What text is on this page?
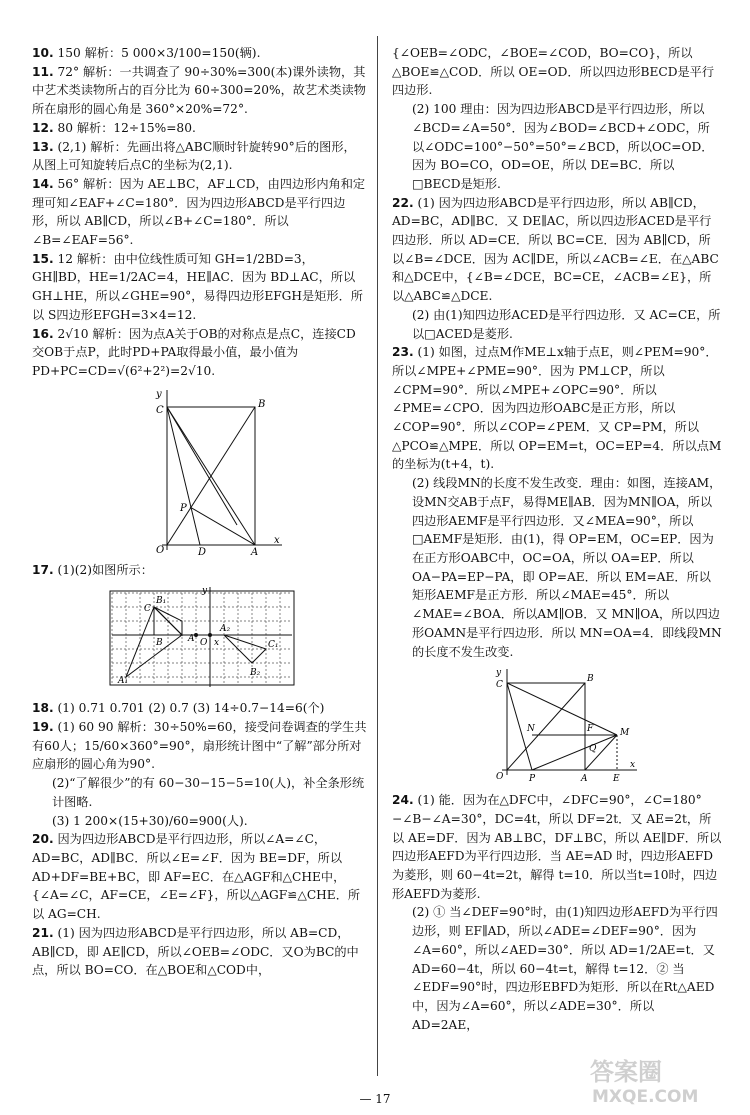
10. 150 解析：5 000×3/100=150(辆).

11. 72° 解析：一共调查了 90÷30%=300(本)课外读物，其中艺术类读物所占的百分比为 60÷300=20%，故艺术类读物所在扇形的圆心角是 360°×20%=72°.

12. 80 解析：12÷15%=80.

13. (2,1) 解析：先画出将△ABC顺时针旋转90°后的图形，从图上可知旋转后点C的坐标为(2,1).

14. 56° 解析：因为 AE⊥BC，AF⊥CD，由四边形内角和定理可知∠EAF+∠C=180°．因为四边形ABCD是平行四边形，所以 AB∥CD，所以∠B+∠C=180°．所以∠B=∠EAF=56°.

15. 12 解析：由中位线性质可知 GH=1/2BD=3，GH∥BD，HE=1/2AC=4，HE∥AC．因为 BD⊥AC，所以 GH⊥HE，所以∠GHE=90°，易得四边形EFGH是矩形．所以 S四边形EFGH=3×4=12.

16. 2√10 解析：因为点A关于OB的对称点是点C，连接CD交OB于点P，此时PD+PA取得最小值，最小值为 PD+PC=CD=√(6²+2²)=2√10.

y
C
B
P
O	D	A
x

17. (1)(2)如图所示：

B₁
C
A
B	O
A₁
A₂
C₁
B₂
x
y

18. (1) 0.71 0.701 (2) 0.7 (3) 14÷0.7−14=6(个)

19. (1) 60 90 解析：30÷50%=60，接受问卷调查的学生共有60人；15/60×360°=90°，扇形统计图中“了解”部分所对应扇形的圆心角为90°.

(2)“了解很少”的有 60−30−15−5=10(人)，补全条形统计图略.

(3) 1 200×(15+30)/60=900(人).

20. 因为四边形ABCD是平行四边形，所以∠A=∠C，AD=BC，AD∥BC．所以∠E=∠F．因为 BE=DF，所以 AD+DF=BE+BC，即 AF=EC．在△AGF和△CHE中，{∠A=∠C，AF=CE，∠E=∠F}，所以△AGF≌△CHE．所以 AG=CH.

21. (1) 因为四边形ABCD是平行四边形，所以 AB=CD，AB∥CD，即 AE∥CD，所以∠OEB=∠ODC．又O为BC的中点，所以 BO=CO．在△BOE和△COD中，

{∠OEB=∠ODC，∠BOE=∠COD，BO=CO}，所以△BOE≌△COD．所以 OE=OD．所以四边形BECD是平行四边形.

(2) 100 理由：因为四边形ABCD是平行四边形，所以∠BCD=∠A=50°．因为∠BOD=∠BCD+∠ODC，所以∠ODC=100°−50°=50°=∠BCD，所以OC=OD．因为 BO=CO，OD=OE，所以 DE=BC．所以□BECD是矩形.

22. (1) 因为四边形ABCD是平行四边形，所以 AB∥CD，AD=BC，AD∥BC．又 DE∥AC，所以四边形ACED是平行四边形．所以 AD=CE．所以 BC=CE．因为 AB∥CD，所以∠B=∠DCE．因为 AC∥DE，所以∠ACB=∠E．在△ABC和△DCE中，{∠B=∠DCE，BC=CE，∠ACB=∠E}，所以△ABC≌△DCE.

(2) 由(1)知四边形ACED是平行四边形．又 AC=CE，所以□ACED是菱形.

23. (1) 如图，过点M作ME⊥x轴于点E，则∠PEM=90°．所以∠MPE+∠PME=90°．因为 PM⊥CP，所以∠CPM=90°．所以∠MPE+∠OPC=90°．所以∠PME=∠CPO．因为四边形OABC是正方形，所以∠COP=90°．所以∠COP=∠PEM．又 CP=PM，所以△PCO≌△MPE．所以 OP=EM=t，OC=EP=4．所以点M的坐标为(t+4，t).

(2) 线段MN的长度不发生改变．理由：如图，连接AM，设MN交AB于点F，易得ME∥AB．因为MN∥OA，所以四边形AEMF是平行四边形．又∠MEA=90°，所以□AEMF是矩形．由(1)，得 OP=EM，OC=EP．因为在正方形OABC中，OC=OA，所以 OA=EP．所以 OA−PA=EP−PA，即 OP=AE．所以 EM=AE．所以矩形AEMF是正方形．所以∠MAE=45°．所以∠MAE=∠BOA．所以AM∥OB．又 MN∥OA，所以四边形OAMN是平行四边形．所以 MN=OA=4．即线段MN的长度不发生改变.

y
C
B
N	F
Q
M
O	P	A	E
x

24. (1) 能．因为在△DFC中，∠DFC=90°，∠C=180°−∠B−∠A=30°，DC=4t，所以 DF=2t．又 AE=2t，所以 AE=DF．因为 AB⊥BC，DF⊥BC，所以 AE∥DF．所以四边形AEFD为平行四边形．当 AE=AD 时，四边形AEFD为菱形，则 60−4t=2t，解得 t=10．所以当t=10时，四边形AEFD为菱形.

(2) ① 当∠DEF=90°时，由(1)知四边形AEFD为平行四边形，则 EF∥AD，所以∠ADE=∠DEF=90°．因为∠A=60°，所以∠AED=30°．所以 AD=1/2AE=t．又 AD=60−4t，所以 60−4t=t，解得 t=12．② 当∠EDF=90°时，四边形EBFD为矩形．所以在Rt△AED中，因为∠A=60°，所以∠ADE=30°．所以 AD=2AE，

— 17
答案圈
MXQE.COM
